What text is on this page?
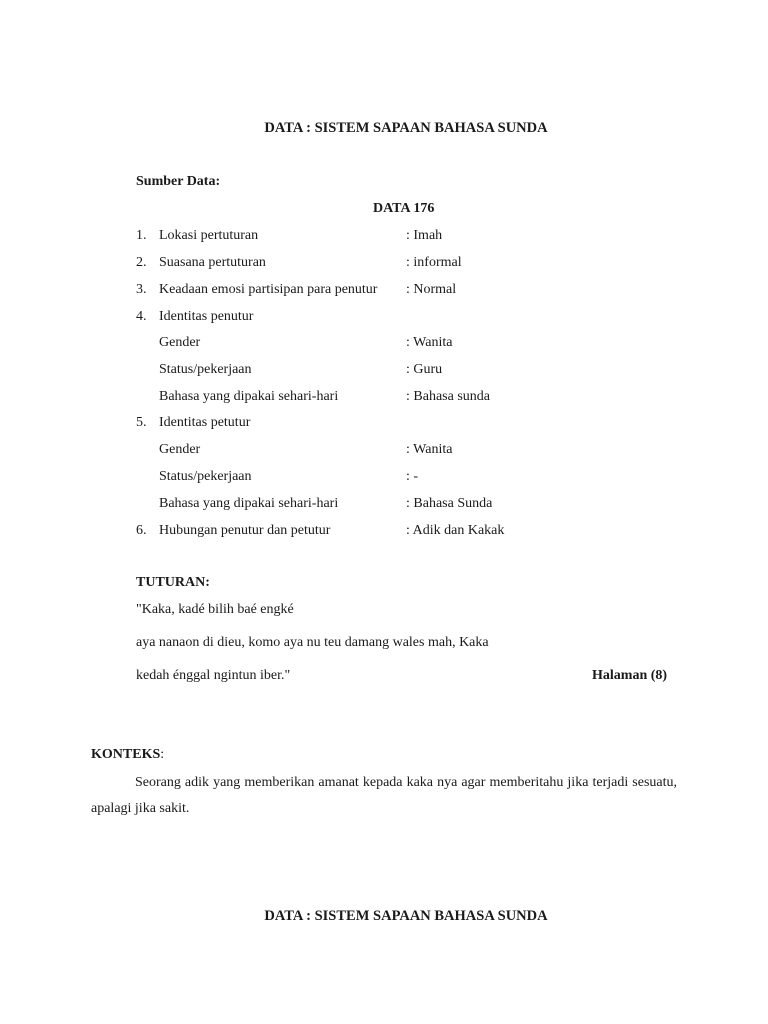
DATA : SISTEM SAPAAN BAHASA SUNDA
Sumber Data:
DATA 176
1. Lokasi pertuturan	: Imah
2. Suasana pertuturan	: informal
3. Keadaan emosi partisipan para penutur : Normal
4. Identitas penutur
Gender	: Wanita
Status/pekerjaan	: Guru
Bahasa yang dipakai sehari-hari	: Bahasa sunda
5. Identitas petutur
Gender	: Wanita
Status/pekerjaan	: -
Bahasa yang dipakai sehari-hari	: Bahasa Sunda
6. Hubungan penutur dan petutur	: Adik dan Kakak
TUTURAN:
"Kaka, kadé bilih baé engké
aya nanaon di dieu, komo aya nu teu damang wales mah, Kaka
kedah énggal ngintun iber."	Halaman (8)
KONTEKS:
Seorang adik yang memberikan amanat kepada kaka nya agar memberitahu jika terjadi sesuatu, apalagi jika sakit.
DATA : SISTEM SAPAAN BAHASA SUNDA
